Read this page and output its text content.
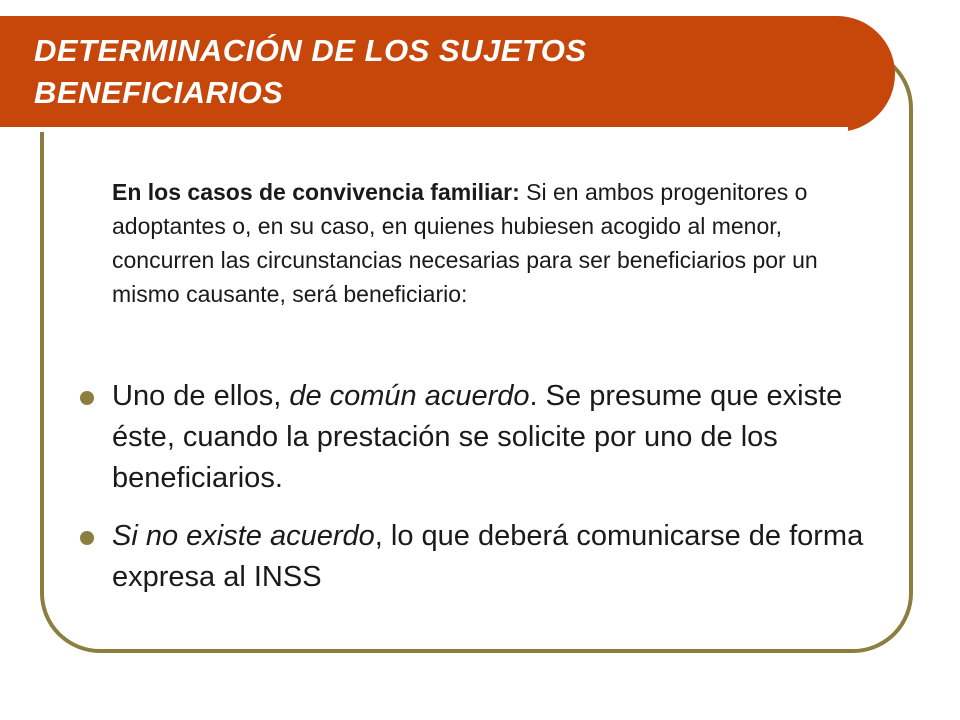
DETERMINACIÓN DE LOS SUJETOS BENEFICIARIOS

En los casos de convivencia familiar: Si en ambos progenitores o adoptantes o, en su caso, en quienes hubiesen acogido al menor, concurren las circunstancias necesarias para ser beneficiarios por un mismo causante, será beneficiario:

Uno de ellos, de común acuerdo. Se presume que existe éste, cuando la prestación se solicite por uno de los beneficiarios.
Si no existe acuerdo, lo que deberá comunicarse de forma expresa al INSS
